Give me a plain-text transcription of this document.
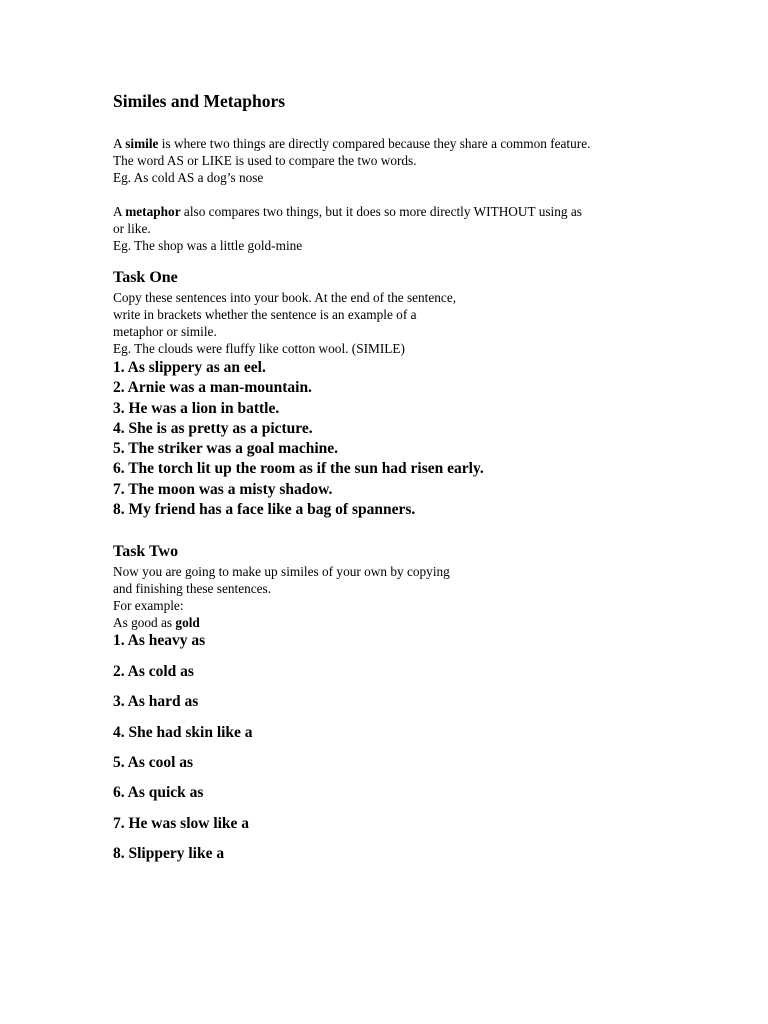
Similes and Metaphors
A simile is where two things are directly compared because they share a common feature.
The word AS or LIKE is used to compare the two words.
Eg. As cold AS a dog’s nose
A metaphor also compares two things, but it does so more directly WITHOUT using as
or like.
Eg. The shop was a little gold-mine
Task One
Copy these sentences into your book. At the end of the sentence,
write in brackets whether the sentence is an example of a
metaphor or simile.
Eg. The clouds were fluffy like cotton wool. (SIMILE)
1. As slippery as an eel.
2. Arnie was a man-mountain.
3. He was a lion in battle.
4. She is as pretty as a picture.
5. The striker was a goal machine.
6. The torch lit up the room as if the sun had risen early.
7. The moon was a misty shadow.
8. My friend has a face like a bag of spanners.
Task Two
Now you are going to make up similes of your own by copying
and finishing these sentences.
For example:
As good as gold
1. As heavy as
2. As cold as
3. As hard as
4. She had skin like a
5. As cool as
6. As quick as
7. He was slow like a
8. Slippery like a
